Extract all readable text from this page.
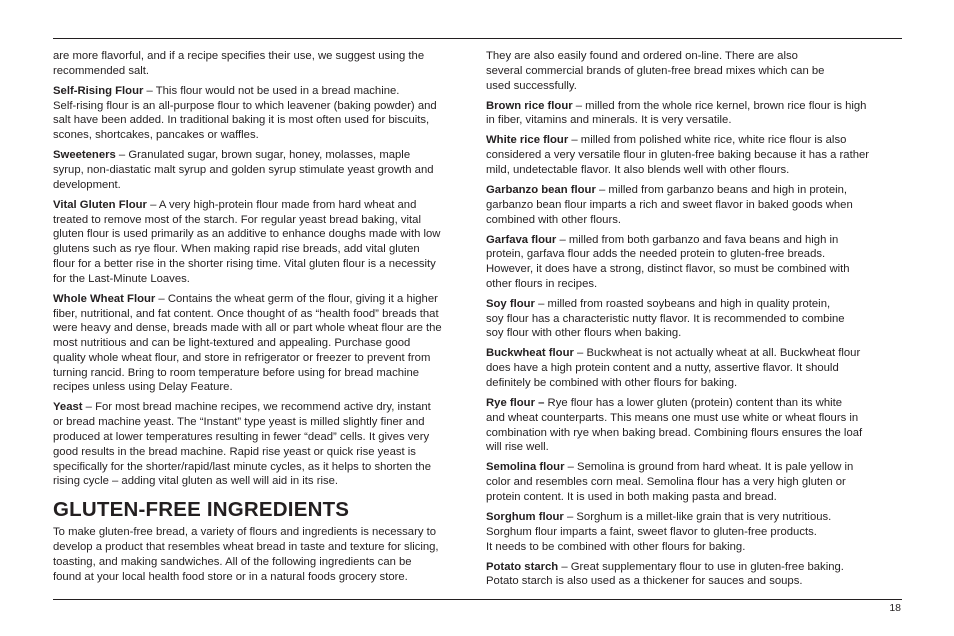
are more flavorful, and if a recipe specifies their use, we suggest using the
recommended salt.

Self-Rising Flour – This flour would not be used in a bread machine.
Self-rising flour is an all-purpose flour to which leavener (baking powder) and
salt have been added. In traditional baking it is most often used for biscuits,
scones, shortcakes, pancakes or waffles.

Sweeteners – Granulated sugar, brown sugar, honey, molasses, maple
syrup, non-diastatic malt syrup and golden syrup stimulate yeast growth and
development.

Vital Gluten Flour – A very high-protein flour made from hard wheat and
treated to remove most of the starch. For regular yeast bread baking, vital
gluten flour is used primarily as an additive to enhance doughs made with low
glutens such as rye flour. When making rapid rise breads, add vital gluten
flour for a better rise in the shorter rising time. Vital gluten flour is a necessity
for the Last-Minute Loaves.

Whole Wheat Flour – Contains the wheat germ of the flour, giving it a higher
fiber, nutritional, and fat content. Once thought of as “health food” breads that
were heavy and dense, breads made with all or part whole wheat flour are the
most nutritious and can be light-textured and appealing. Purchase good
quality whole wheat flour, and store in refrigerator or freezer to prevent from
turning rancid. Bring to room temperature before using for bread machine
recipes unless using Delay Feature.

Yeast – For most bread machine recipes, we recommend active dry, instant
or bread machine yeast. The “Instant” type yeast is milled slightly finer and
produced at lower temperatures resulting in fewer “dead” cells. It gives very
good results in the bread machine. Rapid rise yeast or quick rise yeast is
specifically for the shorter/rapid/last minute cycles, as it helps to shorten the
rising cycle – adding vital gluten as well will aid in its rise.

GLUTEN-FREE INGREDIENTS

To make gluten-free bread, a variety of flours and ingredients is necessary to
develop a product that resembles wheat bread in taste and texture for slicing,
toasting, and making sandwiches. All of the following ingredients can be
found at your local health food store or in a natural foods grocery store.

They are also easily found and ordered on-line. There are also
several commercial brands of gluten-free bread mixes which can be
used successfully.

Brown rice flour – milled from the whole rice kernel, brown rice flour is high
in fiber, vitamins and minerals. It is very versatile.

White rice flour – milled from polished white rice, white rice flour is also
considered a very versatile flour in gluten-free baking because it has a rather
mild, undetectable flavor. It also blends well with other flours.

Garbanzo bean flour – milled from garbanzo beans and high in protein,
garbanzo bean flour imparts a rich and sweet flavor in baked goods when
combined with other flours.

Garfava flour – milled from both garbanzo and fava beans and high in
protein, garfava flour adds the needed protein to gluten-free breads.
However, it does have a strong, distinct flavor, so must be combined with
other flours in recipes.

Soy flour – milled from roasted soybeans and high in quality protein,
soy flour has a characteristic nutty flavor. It is recommended to combine
soy flour with other flours when baking.

Buckwheat flour – Buckwheat is not actually wheat at all. Buckwheat flour
does have a high protein content and a nutty, assertive flavor. It should
definitely be combined with other flours for baking.

Rye flour – Rye flour has a lower gluten (protein) content than its white
and wheat counterparts. This means one must use white or wheat flours in
combination with rye when baking bread. Combining flours ensures the loaf
will rise well.

Semolina flour – Semolina is ground from hard wheat. It is pale yellow in
color and resembles corn meal. Semolina flour has a very high gluten or
protein content. It is used in both making pasta and bread.

Sorghum flour – Sorghum is a millet-like grain that is very nutritious.
Sorghum flour imparts a faint, sweet flavor to gluten-free products.
It needs to be combined with other flours for baking.

Potato starch – Great supplementary flour to use in gluten-free baking.
Potato starch is also used as a thickener for sauces and soups.

18
